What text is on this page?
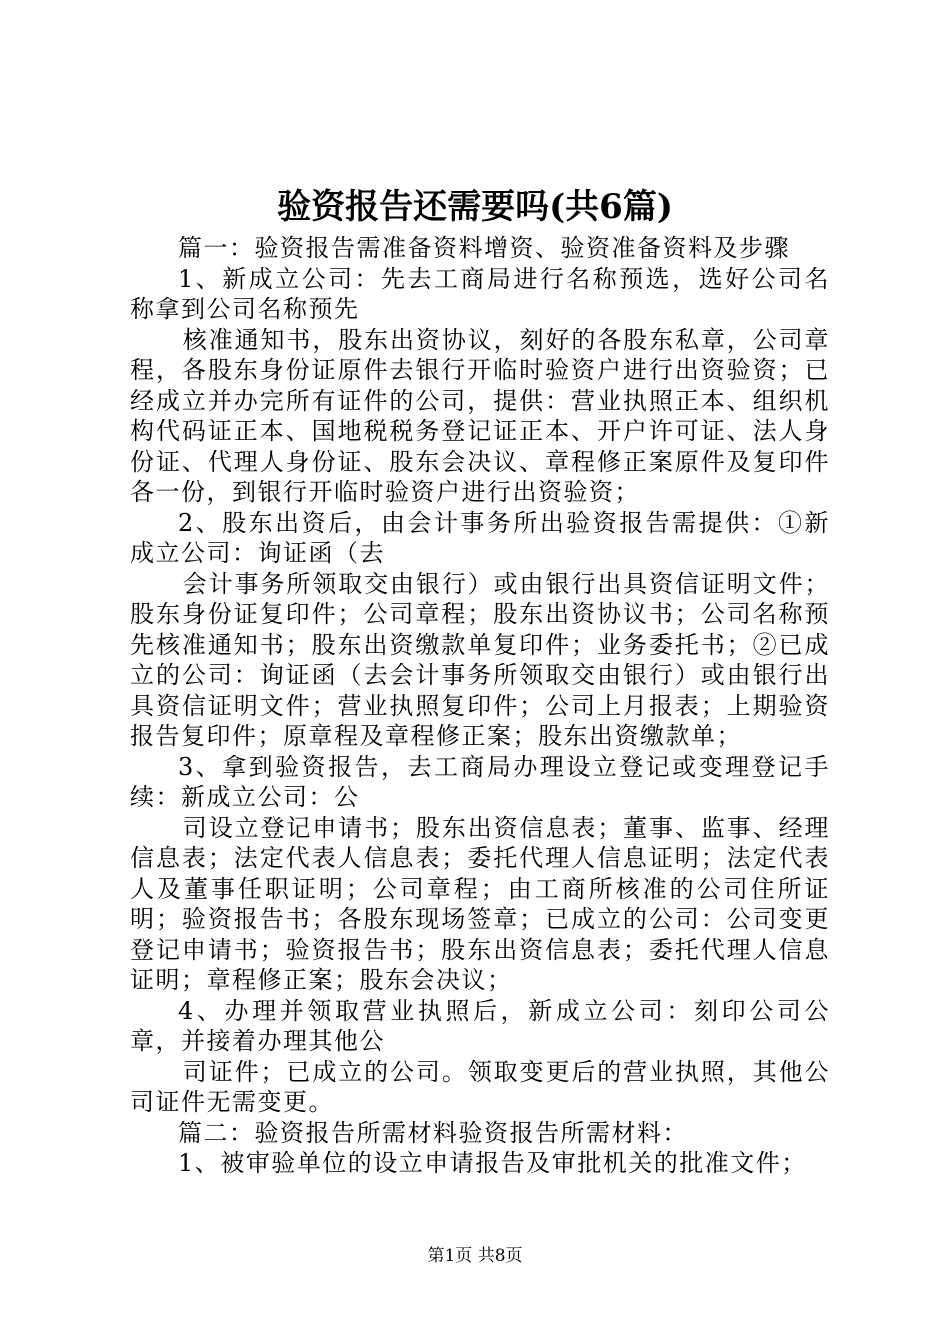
验资报告还需要吗(共6篇)

篇一：验资报告需准备资料增资、验资准备资料及步骤

1、新成立公司：先去工商局进行名称预选，选好公司名称拿到公司名称预先

核准通知书，股东出资协议，刻好的各股东私章，公司章程，各股东身份证原件去银行开临时验资户进行出资验资；已经成立并办完所有证件的公司，提供：营业执照正本、组织机构代码证正本、国地税税务登记证正本、开户许可证、法人身份证、代理人身份证、股东会决议、章程修正案原件及复印件各一份，到银行开临时验资户进行出资验资；

2、股东出资后，由会计事务所出验资报告需提供：①新成立公司：询证函（去

会计事务所领取交由银行）或由银行出具资信证明文件；股东身份证复印件；公司章程；股东出资协议书；公司名称预先核准通知书；股东出资缴款单复印件；业务委托书；②已成立的公司：询证函（去会计事务所领取交由银行）或由银行出具资信证明文件；营业执照复印件；公司上月报表；上期验资报告复印件；原章程及章程修正案；股东出资缴款单；

3、拿到验资报告，去工商局办理设立登记或变理登记手续：新成立公司：公

司设立登记申请书；股东出资信息表；董事、监事、经理信息表；法定代表人信息表；委托代理人信息证明；法定代表人及董事任职证明；公司章程；由工商所核准的公司住所证明；验资报告书；各股东现场签章；已成立的公司：公司变更登记申请书；验资报告书；股东出资信息表；委托代理人信息证明；章程修正案；股东会决议；

4、办理并领取营业执照后，新成立公司：刻印公司公章，并接着办理其他公

司证件；已成立的公司。领取变更后的营业执照，其他公司证件无需变更。

篇二：验资报告所需材料验资报告所需材料：

1、被审验单位的设立申请报告及审批机关的批准文件；

第1页 共8页
